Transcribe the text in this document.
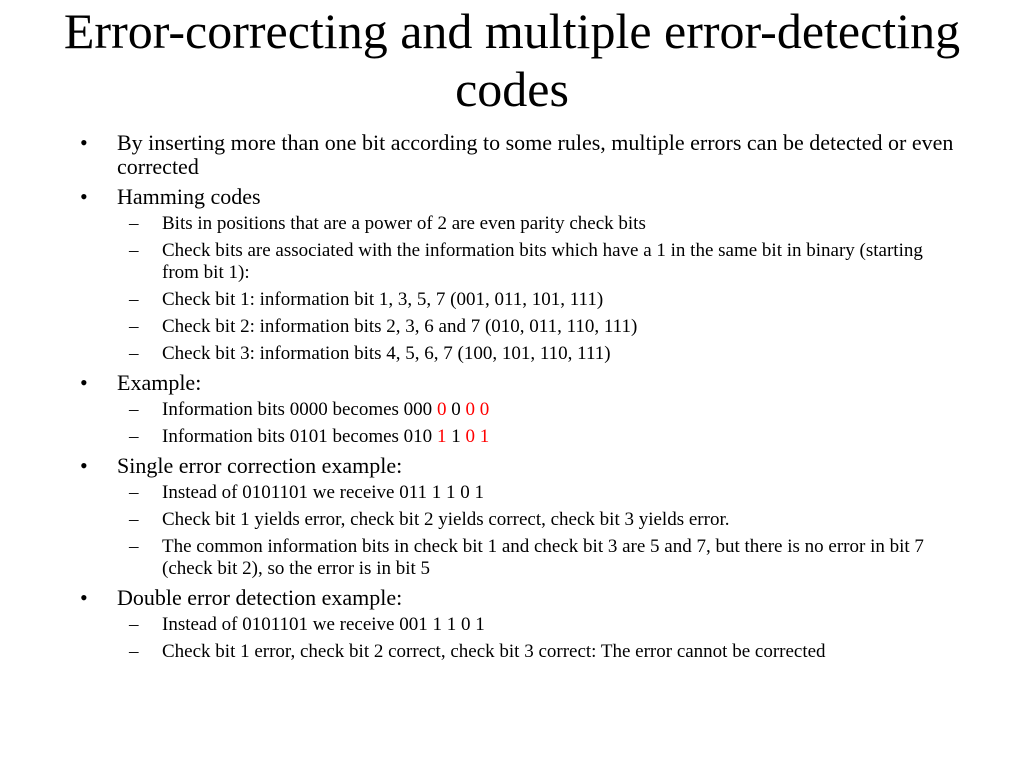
Error-correcting and multiple error-detecting codes
• By inserting more than one bit according to some rules, multiple errors can be detected or even corrected
• Hamming codes
– Bits in positions that are a power of 2 are even parity check bits
– Check bits are associated with the information bits which have a 1 in the same bit in binary (starting from bit 1):
– Check bit 1: information bit 1, 3, 5, 7 (001, 011, 101, 111)
– Check bit 2: information bits 2, 3, 6 and 7 (010, 011, 110, 111)
– Check bit 3: information bits 4, 5, 6, 7 (100, 101, 110, 111)
• Example:
– Information bits 0000 becomes 000 0 0 0 0
– Information bits 0101 becomes 010 1 1 0 1
• Single error correction example:
– Instead of 0101101 we receive 011 1 1 0 1
– Check bit 1 yields error, check bit 2 yields correct, check bit 3 yields error.
– The common information bits in check bit 1 and check bit 3 are 5 and 7, but there is no error in bit 7 (check bit 2), so the error is in bit 5
• Double error detection example:
– Instead of 0101101 we receive 001 1 1 0 1
– Check bit 1 error, check bit 2 correct, check bit 3 correct: The error cannot be corrected
